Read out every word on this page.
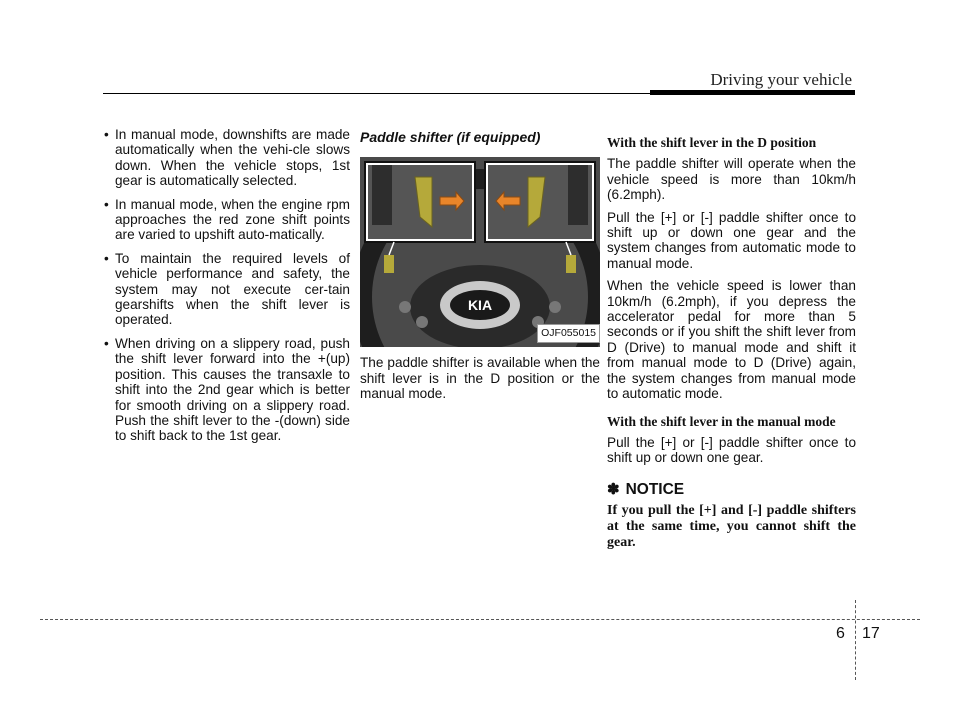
Driving your vehicle
• In manual mode, downshifts are made automatically when the vehi-cle slows down. When the vehicle stops, 1st gear is automatically selected.
• In manual mode, when the engine rpm approaches the red zone shift points are varied to upshift auto-matically.
• To maintain the required levels of vehicle performance and safety, the system may not execute cer-tain gearshifts when the shift lever is operated.
• When driving on a slippery road, push the shift lever forward into the +(up) position. This causes the transaxle to shift into the 2nd gear which is better for smooth driving on a slippery road. Push the shift lever to the -(down) side to shift back to the 1st gear.
Paddle shifter (if equipped)
KIA
OJF055015

The paddle shifter is available when the shift lever is in the D position or the manual mode.

With the shift lever in the D position

The paddle shifter will operate when the vehicle speed is more than 10km/h (6.2mph).

Pull the [+] or [-] paddle shifter once to shift up or down one gear and the system changes from automatic mode to manual mode.

When the vehicle speed is lower than 10km/h (6.2mph), if you depress the accelerator pedal for more than 5 seconds or if you shift the shift lever from D (Drive) to manual mode and shift it from manual mode to D (Drive) again, the system changes from manual mode to automatic mode.

With the shift lever in the manual mode

Pull the [+] or [-] paddle shifter once to shift up or down one gear.

✽ NOTICE

If you pull the [+] and [-] paddle shifters at the same time, you cannot shift the gear.

6 17
